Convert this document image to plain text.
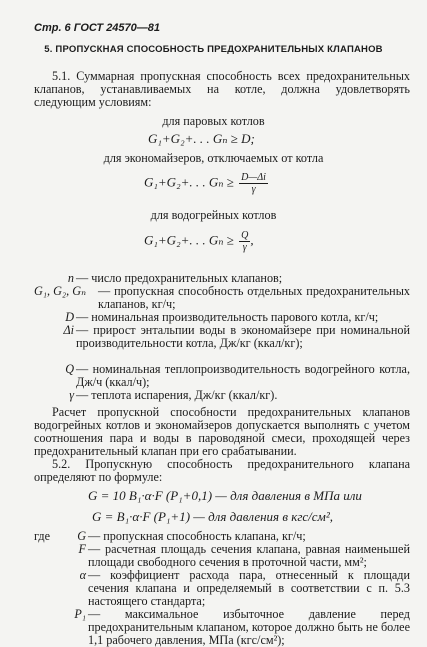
Стр. 6 ГОСТ 24570—81
5. ПРОПУСКНАЯ СПОСОБНОСТЬ ПРЕДОХРАНИТЕЛЬНЫХ КЛАПАНОВ
5.1. Суммарная пропускная способность всех предохранительных клапанов, устанавливаемых на котле, должна удовлетворять следующим условиям:
для паровых котлов
G₁+G₂+. . . Gₙ ≥ D;
для экономайзеров, отключаемых от котла
G₁+G₂+. . . $G_n \ge \frac{D—\Delta i}{\gamma}$
для водогрейных котлов
G₁+G₂+. . . $G_n \ge \frac{Q}{\gamma}$ ,
n — число предохранительных клапанов;
G₁, G₂, Gₙ — пропускная способность отдельных предохранительных клапанов, кг/ч;
D — номинальная производительность парового котла, кг/ч;
Δi — прирост энтальпии воды в экономайзере при номинальной производительности котла, Дж/кг (ккал/кг);
Q — номинальная теплопроизводительность водогрейного котла, Дж/ч (ккал/ч);
γ — теплота испарения, Дж/кг (ккал/кг).
Расчет пропускной способности предохранительных клапанов водогрейных котлов и экономайзеров допускается выполнять с учетом соотношения пара и воды в пароводяной смеси, проходящей через предохранительный клапан при его срабатывании.
5.2. Пропускную способность предохранительного клапана определяют по формуле:
G = 10 B₁·α·F (P₁+0,1) — для давления в МПа или
G = B₁·α·F (P₁+1) — для давления в кгс/см²,
где	G — пропускная способность клапана, кг/ч;
F — расчетная площадь сечения клапана, равная наименьшей площади свободного сечения в проточной части, мм²;
α — коэффициент расхода пара, отнесенный к площади сечения клапана и определяемый в соответствии с п. 5.3 настоящего стандарта;
P₁ — максимальное избыточное давление перед предохранительным клапаном, которое должно быть не более 1,1 рабочего давления, МПа (кгс/см²);
